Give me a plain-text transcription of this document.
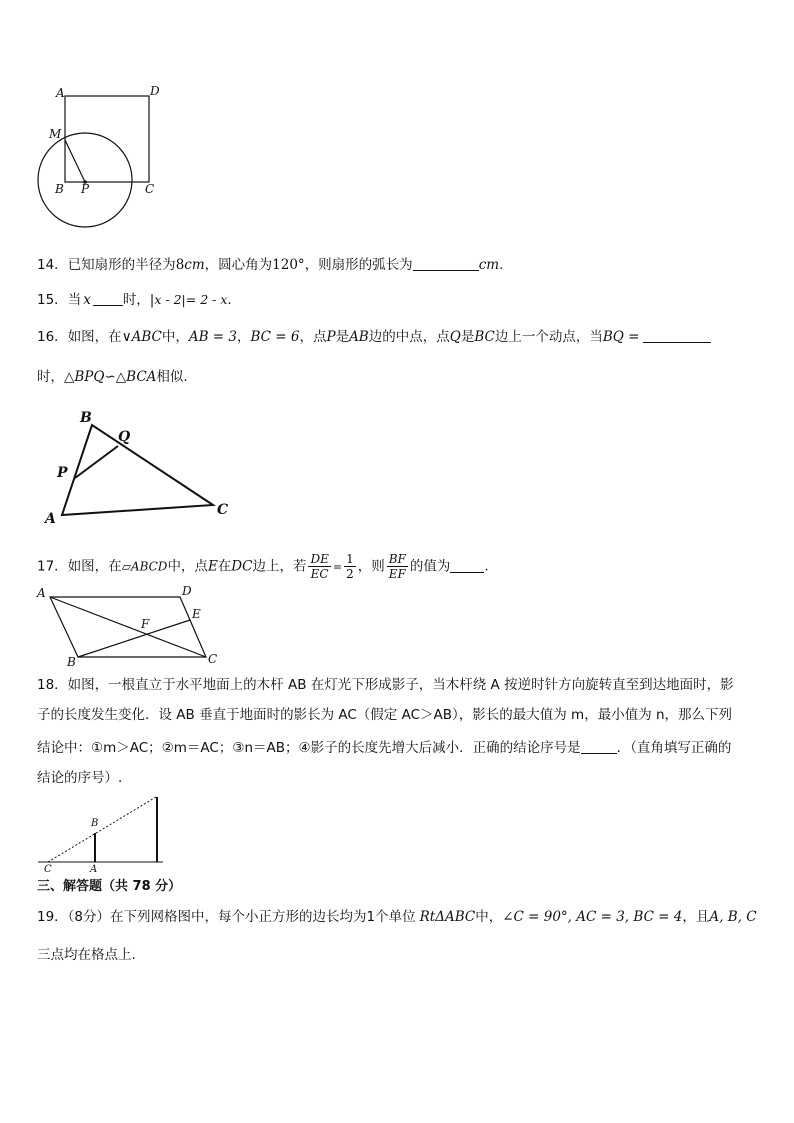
A	D
M
B P	C
14．已知扇形的半径为8cm，圆心角为120°，则扇形的弧长为	cm.
15．当 x 时，|x - 2|= 2 - x.
16．如图，在∨ABC中，AB = 3，BC = 6，点P是AB边的中点，点Q是BC边上一个动点，当BQ =
时，△BPQ∽△BCA相似.
B
Q
P
A
C
17．如图，在▱ABCD中，点E在DC边上，若 $\frac{DE}{EC} = \frac{1}{2}$ ，则 $\frac{BF}{EF}$ 的值为	.
A	D
E
F
B	C
18．如图，一根直立于水平地面上的木杆 AB 在灯光下形成影子，当木杆绕 A 按逆时针方向旋转直至到达地面时，影
子的长度发生变化．设 AB 垂直于地面时的影长为 AC（假定 AC＞AB），影长的最大值为 m，最小值为 n，那么下列
结论中：①m＞AC；②m＝AC；③n＝AB；④影子的长度先增大后减小．正确的结论序号是	．（直角填写正确的
结论的序号）.
B
C	A
三、解答题（共 78 分）
19．（8分）在下列网格图中，每个小正方形的边长均为1个单位 RtΔABC中，∠C = 90°, AC = 3, BC = 4，且A, B, C
三点均在格点上.
